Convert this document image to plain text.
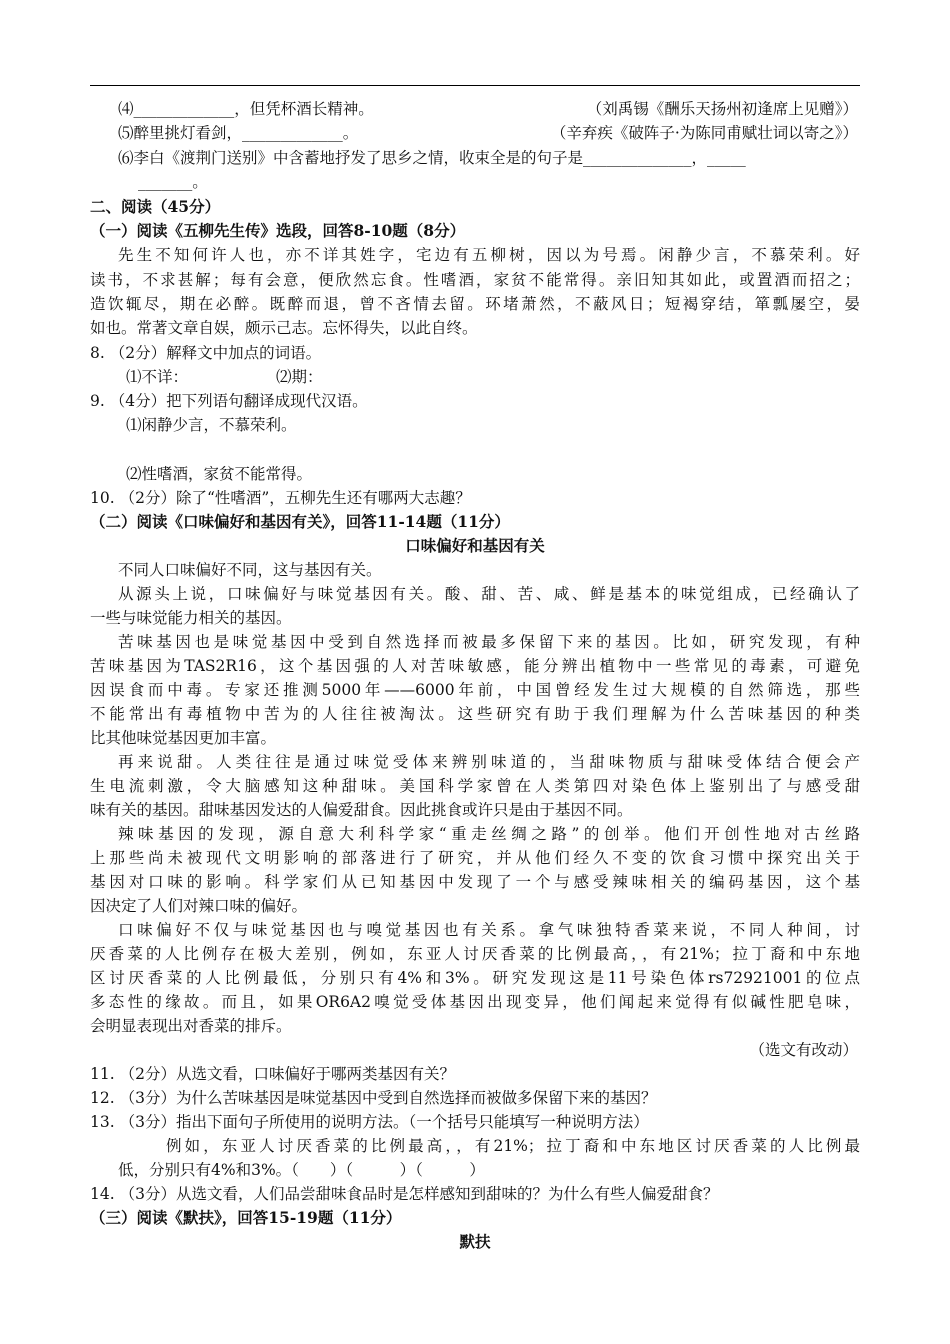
⑷_____________，但凭杯酒长精神。	（刘禹锡《酬乐天扬州初逢席上见赠》）
⑸醉里挑灯看剑，_____________。	（辛弃疾《破阵子·为陈同甫赋壮词以寄之》）
⑹李白《渡荆门送别》中含蓄地抒发了思乡之情，收束全是的句子是______________，_____
_______。
二、阅读（45分）
（一）阅读《五柳先生传》选段，回答8-10题（8分）
先生不知何许人也，亦不详其姓字，宅边有五柳树，因以为号焉。闲静少言，不慕荣利。好
读书，不求甚解；每有会意，便欣然忘食。性嗜酒，家贫不能常得。亲旧知其如此，或置酒而招之；
造饮辄尽，期在必醉。既醉而退，曾不吝情去留。环堵萧然，不蔽风日；短褐穿结，箪瓢屡空，晏
如也。常著文章自娱，颇示己志。忘怀得失，以此自终。
8. （2分）解释文中加点的词语。
⑴不详：	⑵期：
9. （4分）把下列语句翻译成现代汉语。
⑴闲静少言，不慕荣利。
⑵性嗜酒，家贫不能常得。
10. （2分）除了“性嗜酒”，五柳先生还有哪两大志趣？
（二）阅读《口味偏好和基因有关》，回答11-14题（11分）
口味偏好和基因有关
不同人口味偏好不同，这与基因有关。
从源头上说，口味偏好与味觉基因有关。酸、甜、苦、咸、鲜是基本的味觉组成，已经确认了
一些与味觉能力相关的基因。
苦味基因也是味觉基因中受到自然选择而被最多保留下来的基因。比如，研究发现，有种
苦味基因为TAS2R16，这个基因强的人对苦味敏感，能分辨出植物中一些常见的毒素，可避免
因误食而中毒。专家还推测5000年——6000年前，中国曾经发生过大规模的自然筛选，那些
不能常出有毒植物中苦为的人往往被淘汰。这些研究有助于我们理解为什么苦味基因的种类
比其他味觉基因更加丰富。
再来说甜。人类往往是通过味觉受体来辨别味道的，当甜味物质与甜味受体结合便会产
生电流刺激，令大脑感知这种甜味。美国科学家曾在人类第四对染色体上鉴别出了与感受甜
味有关的基因。甜味基因发达的人偏爱甜食。因此挑食或许只是由于基因不同。
辣味基因的发现，源自意大利科学家“重走丝绸之路”的创举。他们开创性地对古丝路
上那些尚未被现代文明影响的部落进行了研究，并从他们经久不变的饮食习惯中探究出关于
基因对口味的影响。科学家们从已知基因中发现了一个与感受辣味相关的编码基因，这个基
因决定了人们对辣口味的偏好。
口味偏好不仅与味觉基因也与嗅觉基因也有关系。拿气味独特香菜来说，不同人种间，讨
厌香菜的人比例存在极大差别，例如，东亚人讨厌香菜的比例最高，，有21%；拉丁裔和中东地
区讨厌香菜的人比例最低，分别只有4%和3%。研究发现这是11号染色体rs72921001的位点
多态性的缘故。而且，如果OR6A2嗅觉受体基因出现变异，他们闻起来觉得有似碱性肥皂味，
会明显表现出对香菜的排斥。
（选文有改动）
11. （2分）从选文看，口味偏好于哪两类基因有关？
12. （3分）为什么苦味基因是味觉基因中受到自然选择而被做多保留下来的基因？
13. （3分）指出下面句子所使用的说明方法。（一个括号只能填写一种说明方法）
例如，东亚人讨厌香菜的比例最高，，有21%；拉丁裔和中东地区讨厌香菜的人比例最
低，分别只有4%和3%。（　　）（　　　）（　　　）
14. （3分）从选文看，人们品尝甜味食品时是怎样感知到甜味的？为什么有些人偏爱甜食？
（三）阅读《默扶》，回答15-19题（11分）
默扶
